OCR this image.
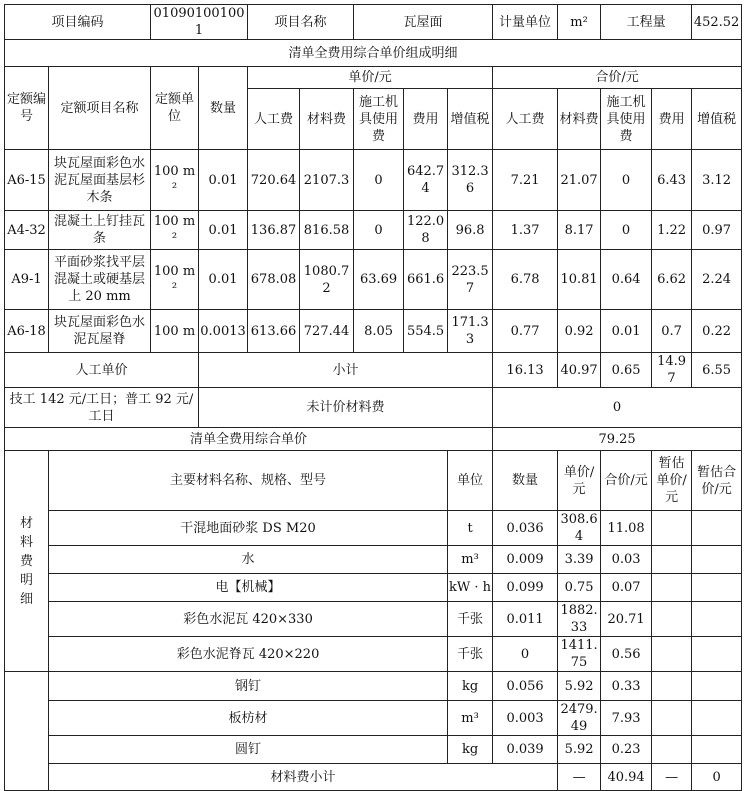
项目编码		010901001001		项目名称		瓦屋面			计量单位	m²	工程量		452.52
清单全费用综合单价组成明细													
定额编号	定额项目名称	定额单位	数量	单价/元					合价/元				
				人工费	材料费	施工机具使用费	费用	增值税	人工费	材料费	施工机具使用费	费用	增值税
A6-15	块瓦屋面彩色水泥瓦屋面基层杉木条	100 m²	0.01	720.64	2107.3	0	642.74	312.36	7.21	21.07	0	6.43	3.12
A4-32	混凝土上钉挂瓦条	100 m²	0.01	136.87	816.58	0	122.08	96.8	1.37	8.17	0	1.22	0.97
A9-1	平面砂浆找平层混凝土或硬基层上 20 mm	100 m²	0.01	678.08	1080.72	63.69	661.6	223.57	6.78	10.81	0.64	6.62	2.24
A6-18	块瓦屋面彩色水泥瓦屋脊	100 m	0.0013	613.66	727.44	8.05	554.5	171.33	0.77	0.92	0.01	0.7	0.22
人工单价			小计						16.13	40.97	0.65	14.97	6.55
技工 142 元/工日；普工 92 元/工日			未计价材料费						0				
清单全费用综合单价									79.25				
材料费明细	主要材料名称、规格、型号							单位	数量	单价/元	合价/元	暂估单价/元	暂估合价/元
	干混地面砂浆 DS M20							t	0.036	308.64	11.08		
	水							m³	0.009	3.39	0.03		
	电【机械】							kW · h	0.099	0.75	0.07		
	彩色水泥瓦 420×330							千张	0.011	1882.33	20.71		
	彩色水泥脊瓦 420×220							千张	0	1411.75	0.56		
	钢钉							kg	0.056	5.92	0.33		
	板枋材							m³	0.003	2479.49	7.93		
	圆钉							kg	0.039	5.92	0.23		
	材料费小计									—	40.94	—	0
